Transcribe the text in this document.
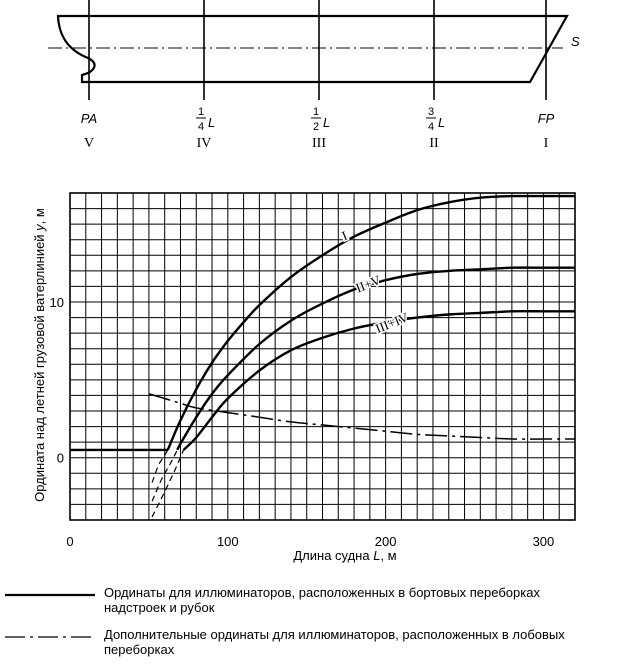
PA
V
1
4 L
IV
1
2 L
III
3
4 L
II
FP
I
S
0	100	200	300
0
10
I
II+V
III+IV
Длина судна L, м
Ордината над летней грузовой ватерлинией y, м
Ординаты для иллюминаторов, расположенных в бортовых переборках надстроек и рубок
Дополнительные ординаты для иллюминаторов, расположенных в лобовых переборках
